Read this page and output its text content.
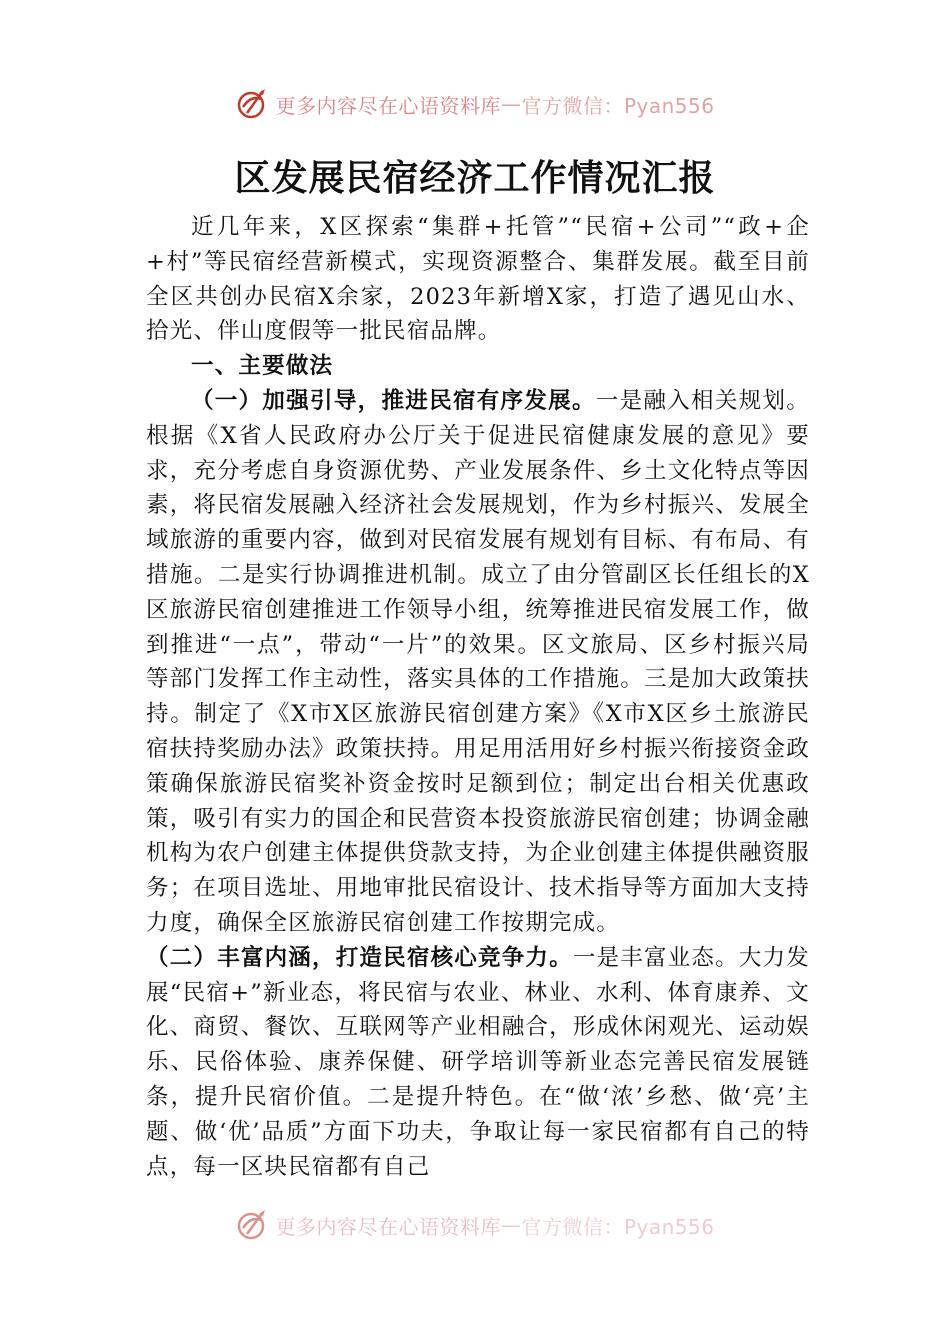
更多内容尽在心语资料库 — 官方微信：Pyan556
区发展民宿经济工作情况汇报

近几年来，X区探索“集群+托管”“民宿+公司”“政+企+村”等民宿经营新模式，实现资源整合、集群发展。截至目前全区共创办民宿X余家，2023年新增X家，打造了遇见山水、拾光、伴山度假等一批民宿品牌。

一、主要做法

（一）加强引导，推进民宿有序发展。一是融入相关规划。根据《X省人民政府办公厅关于促进民宿健康发展的意见》要求，充分考虑自身资源优势、产业发展条件、乡土文化特点等因素，将民宿发展融入经济社会发展规划，作为乡村振兴、发展全域旅游的重要内容，做到对民宿发展有规划有目标、有布局、有措施。二是实行协调推进机制。成立了由分管副区长任组长的X区旅游民宿创建推进工作领导小组，统筹推进民宿发展工作，做到推进“一点”，带动“一片”的效果。区文旅局、区乡村振兴局等部门发挥工作主动性，落实具体的工作措施。三是加大政策扶持。制定了《X市X区旅游民宿创建方案》《X市X区乡土旅游民宿扶持奖励办法》政策扶持。用足用活用好乡村振兴衔接资金政策确保旅游民宿奖补资金按时足额到位；制定出台相关优惠政策，吸引有实力的国企和民营资本投资旅游民宿创建；协调金融机构为农户创建主体提供贷款支持，为企业创建主体提供融资服务；在项目选址、用地审批民宿设计、技术指导等方面加大支持力度，确保全区旅游民宿创建工作按期完成。

（二）丰富内涵，打造民宿核心竞争力。一是丰富业态。大力发展“民宿+”新业态，将民宿与农业、林业、水利、体育康养、文化、商贸、餐饮、互联网等产业相融合，形成休闲观光、运动娱乐、民俗体验、康养保健、研学培训等新业态完善民宿发展链条，提升民宿价值。二是提升特色。在“做‘浓’乡愁、做‘亮’主题、做‘优’品质”方面下功夫，争取让每一家民宿都有自己的特点，每一区块民宿都有自己

更多内容尽在心语资料库 — 官方微信：Pyan556
